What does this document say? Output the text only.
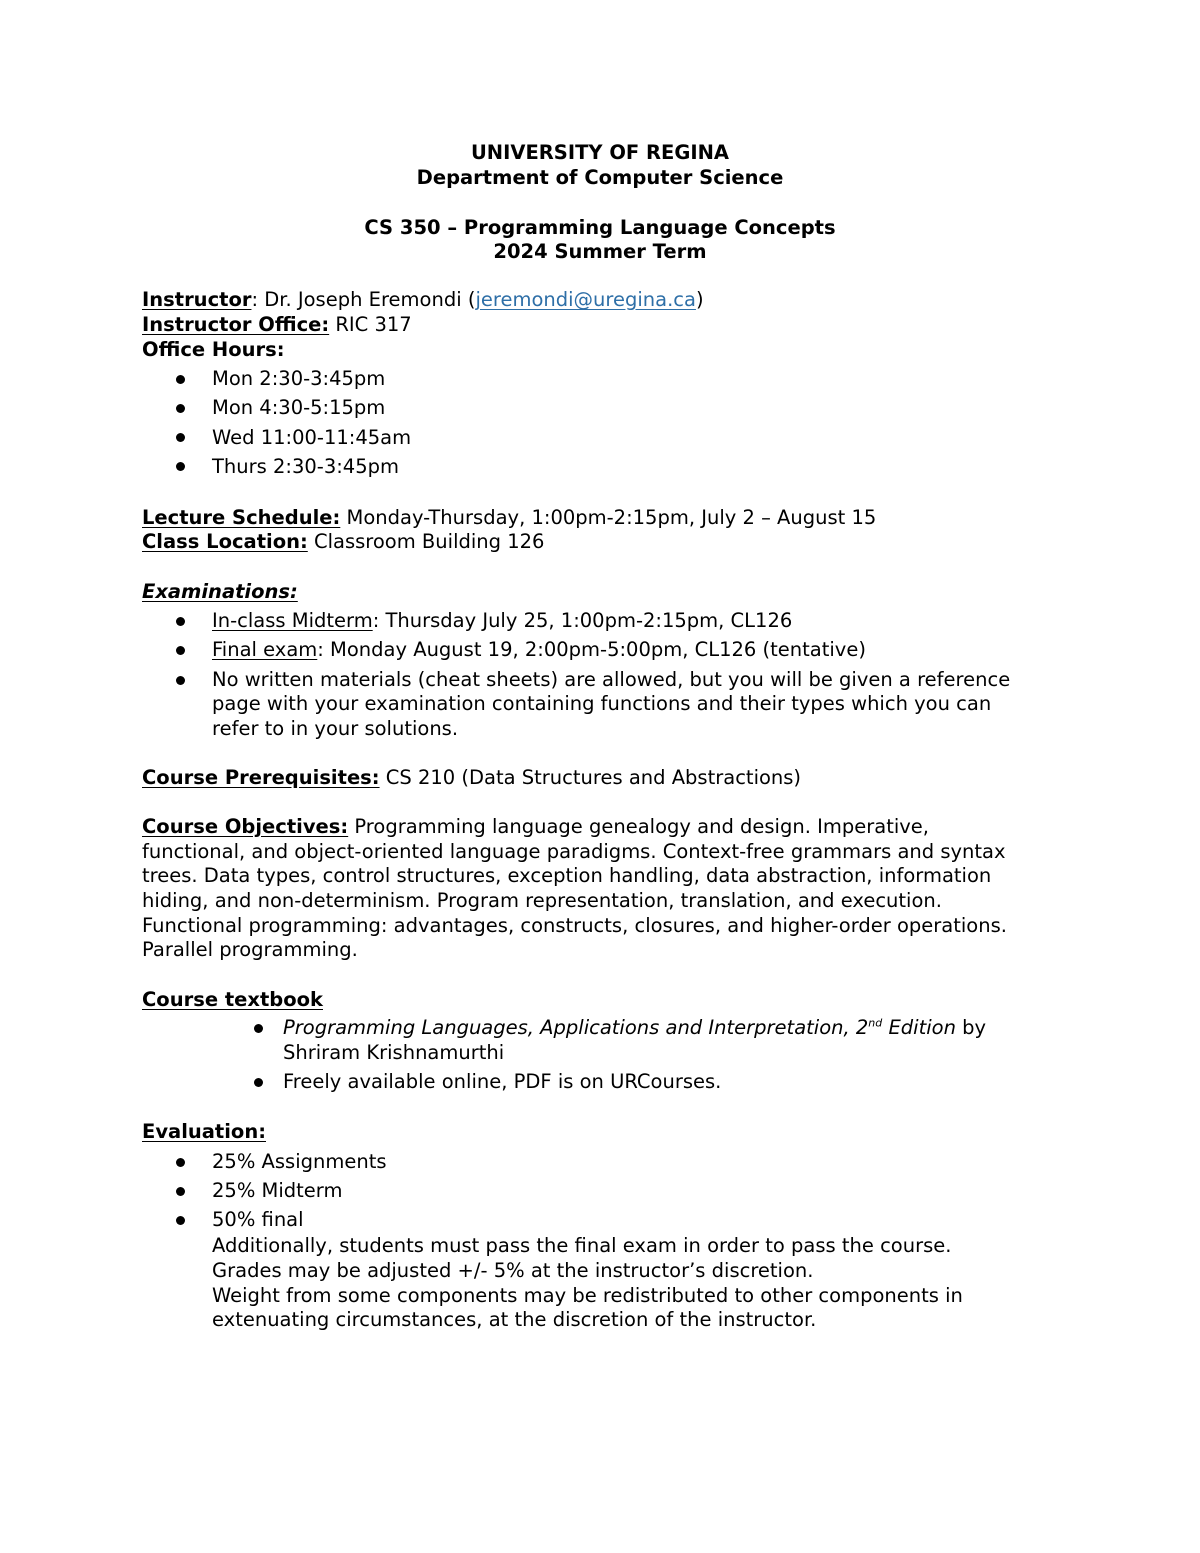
UNIVERSITY OF REGINA
Department of Computer Science
CS 350 – Programming Language Concepts
2024 Summer Term
Instructor: Dr. Joseph Eremondi (jeremondi@uregina.ca)
Instructor Office: RIC 317
Office Hours:
Mon 2:30-3:45pm
Mon 4:30-5:15pm
Wed 11:00-11:45am
Thurs 2:30-3:45pm
Lecture Schedule: Monday-Thursday, 1:00pm-2:15pm, July 2 – August 15
Class Location: Classroom Building 126
Examinations:
In-class Midterm: Thursday July 25, 1:00pm-2:15pm, CL126
Final exam: Monday August 19, 2:00pm-5:00pm, CL126 (tentative)
No written materials (cheat sheets) are allowed, but you will be given a reference
page with your examination containing functions and their types which you can
refer to in your solutions.
Course Prerequisites: CS 210 (Data Structures and Abstractions)
Course Objectives: Programming language genealogy and design. Imperative,
functional, and object-oriented language paradigms. Context-free grammars and syntax
trees. Data types, control structures, exception handling, data abstraction, information
hiding, and non-determinism. Program representation, translation, and execution.
Functional programming: advantages, constructs, closures, and higher-order operations.
Parallel programming.
Course textbook
Programming Languages, Applications and Interpretation, 2nd Edition by
Shriram Krishnamurthi
Freely available online, PDF is on URCourses.
Evaluation:
25% Assignments
25% Midterm
50% final
Additionally, students must pass the final exam in order to pass the course.
Grades may be adjusted +/- 5% at the instructor’s discretion.
Weight from some components may be redistributed to other components in
extenuating circumstances, at the discretion of the instructor.
